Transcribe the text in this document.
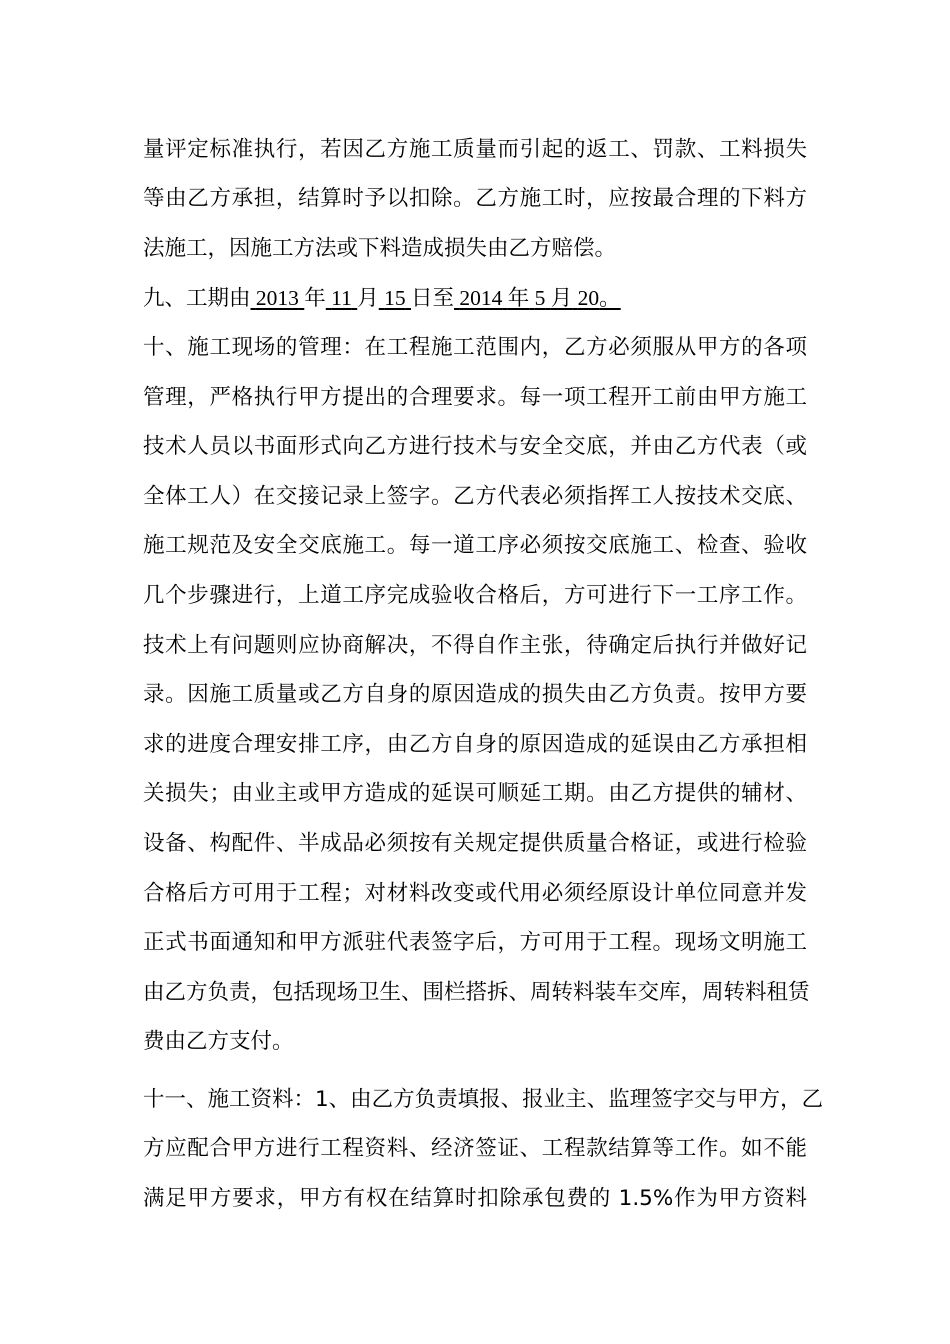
量评定标准执行，若因乙方施工质量而引起的返工、罚款、工料损失
等由乙方承担，结算时予以扣除。乙方施工时，应按最合理的下料方
法施工，因施工方法或下料造成损失由乙方赔偿。
九、工期由 2013 年 11 月 15 日至 2014 年 5 月 20。
十、施工现场的管理：在工程施工范围内，乙方必须服从甲方的各项
管理，严格执行甲方提出的合理要求。每一项工程开工前由甲方施工
技术人员以书面形式向乙方进行技术与安全交底，并由乙方代表（或
全体工人）在交接记录上签字。乙方代表必须指挥工人按技术交底、
施工规范及安全交底施工。每一道工序必须按交底施工、检查、验收
几个步骤进行，上道工序完成验收合格后，方可进行下一工序工作。
技术上有问题则应协商解决，不得自作主张，待确定后执行并做好记
录。因施工质量或乙方自身的原因造成的损失由乙方负责。按甲方要
求的进度合理安排工序，由乙方自身的原因造成的延误由乙方承担相
关损失；由业主或甲方造成的延误可顺延工期。由乙方提供的辅材、
设备、构配件、半成品必须按有关规定提供质量合格证，或进行检验
合格后方可用于工程；对材料改变或代用必须经原设计单位同意并发
正式书面通知和甲方派驻代表签字后，方可用于工程。现场文明施工
由乙方负责，包括现场卫生、围栏搭拆、周转料装车交库，周转料租赁
费由乙方支付。
十一、施工资料：1、由乙方负责填报、报业主、监理签字交与甲方，乙
方应配合甲方进行工程资料、经济签证、工程款结算等工作。如不能
满足甲方要求，甲方有权在结算时扣除承包费的 1.5%作为甲方资料
